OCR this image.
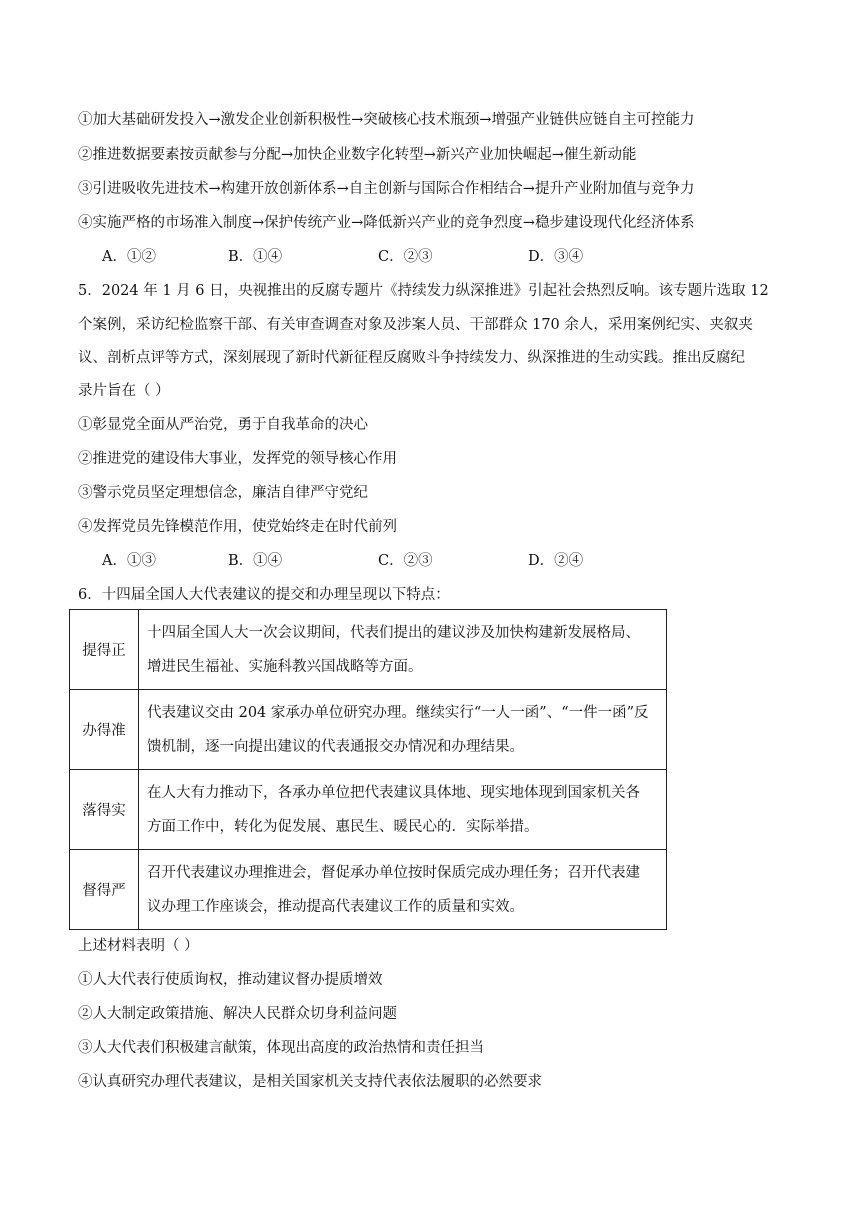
①加大基础研发投入→激发企业创新积极性→突破核心技术瓶颈→增强产业链供应链自主可控能力
②推进数据要素按贡献参与分配→加快企业数字化转型→新兴产业加快崛起→催生新动能
③引进吸收先进技术→构建开放创新体系→自主创新与国际合作相结合→提升产业附加值与竞争力
④实施严格的市场准入制度→保护传统产业→降低新兴产业的竞争烈度→稳步建设现代化经济体系
A．①②	B．①④	C．②③	D．③④
5．2024 年 1 月 6 日，央视推出的反腐专题片《持续发力纵深推进》引起社会热烈反响。该专题片选取 12
个案例，采访纪检监察干部、有关审查调查对象及涉案人员、干部群众 170 余人，采用案例纪实、夹叙夹
议、剖析点评等方式，深刻展现了新时代新征程反腐败斗争持续发力、纵深推进的生动实践。推出反腐纪
录片旨在（ ）
①彰显党全面从严治党，勇于自我革命的决心
②推进党的建设伟大事业，发挥党的领导核心作用
③警示党员坚定理想信念，廉洁自律严守党纪
④发挥党员先锋模范作用，使党始终走在时代前列
A．①③	B．①④	C．②③	D．②④
6．十四届全国人大代表建议的提交和办理呈现以下特点：
提得正	十四届全国人大一次会议期间，代表们提出的建议涉及加快构建新发展格局、
增进民生福祉、实施科教兴国战略等方面。

办得准	代表建议交由 204 家承办单位研究办理。继续实行“一人一函”、“一件一函”反
馈机制，逐一向提出建议的代表通报交办情况和办理结果。

落得实	在人大有力推动下，各承办单位把代表建议具体地、现实地体现到国家机关各
方面工作中，转化为促发展、惠民生、暖民心的．实际举措。

督得严	召开代表建议办理推进会，督促承办单位按时保质完成办理任务；召开代表建
议办理工作座谈会，推动提高代表建议工作的质量和实效。
上述材料表明（ ）
①人大代表行使质询权，推动建议督办提质增效
②人大制定政策措施、解决人民群众切身利益问题
③人大代表们积极建言献策，体现出高度的政治热情和责任担当
④认真研究办理代表建议，是相关国家机关支持代表依法履职的必然要求
